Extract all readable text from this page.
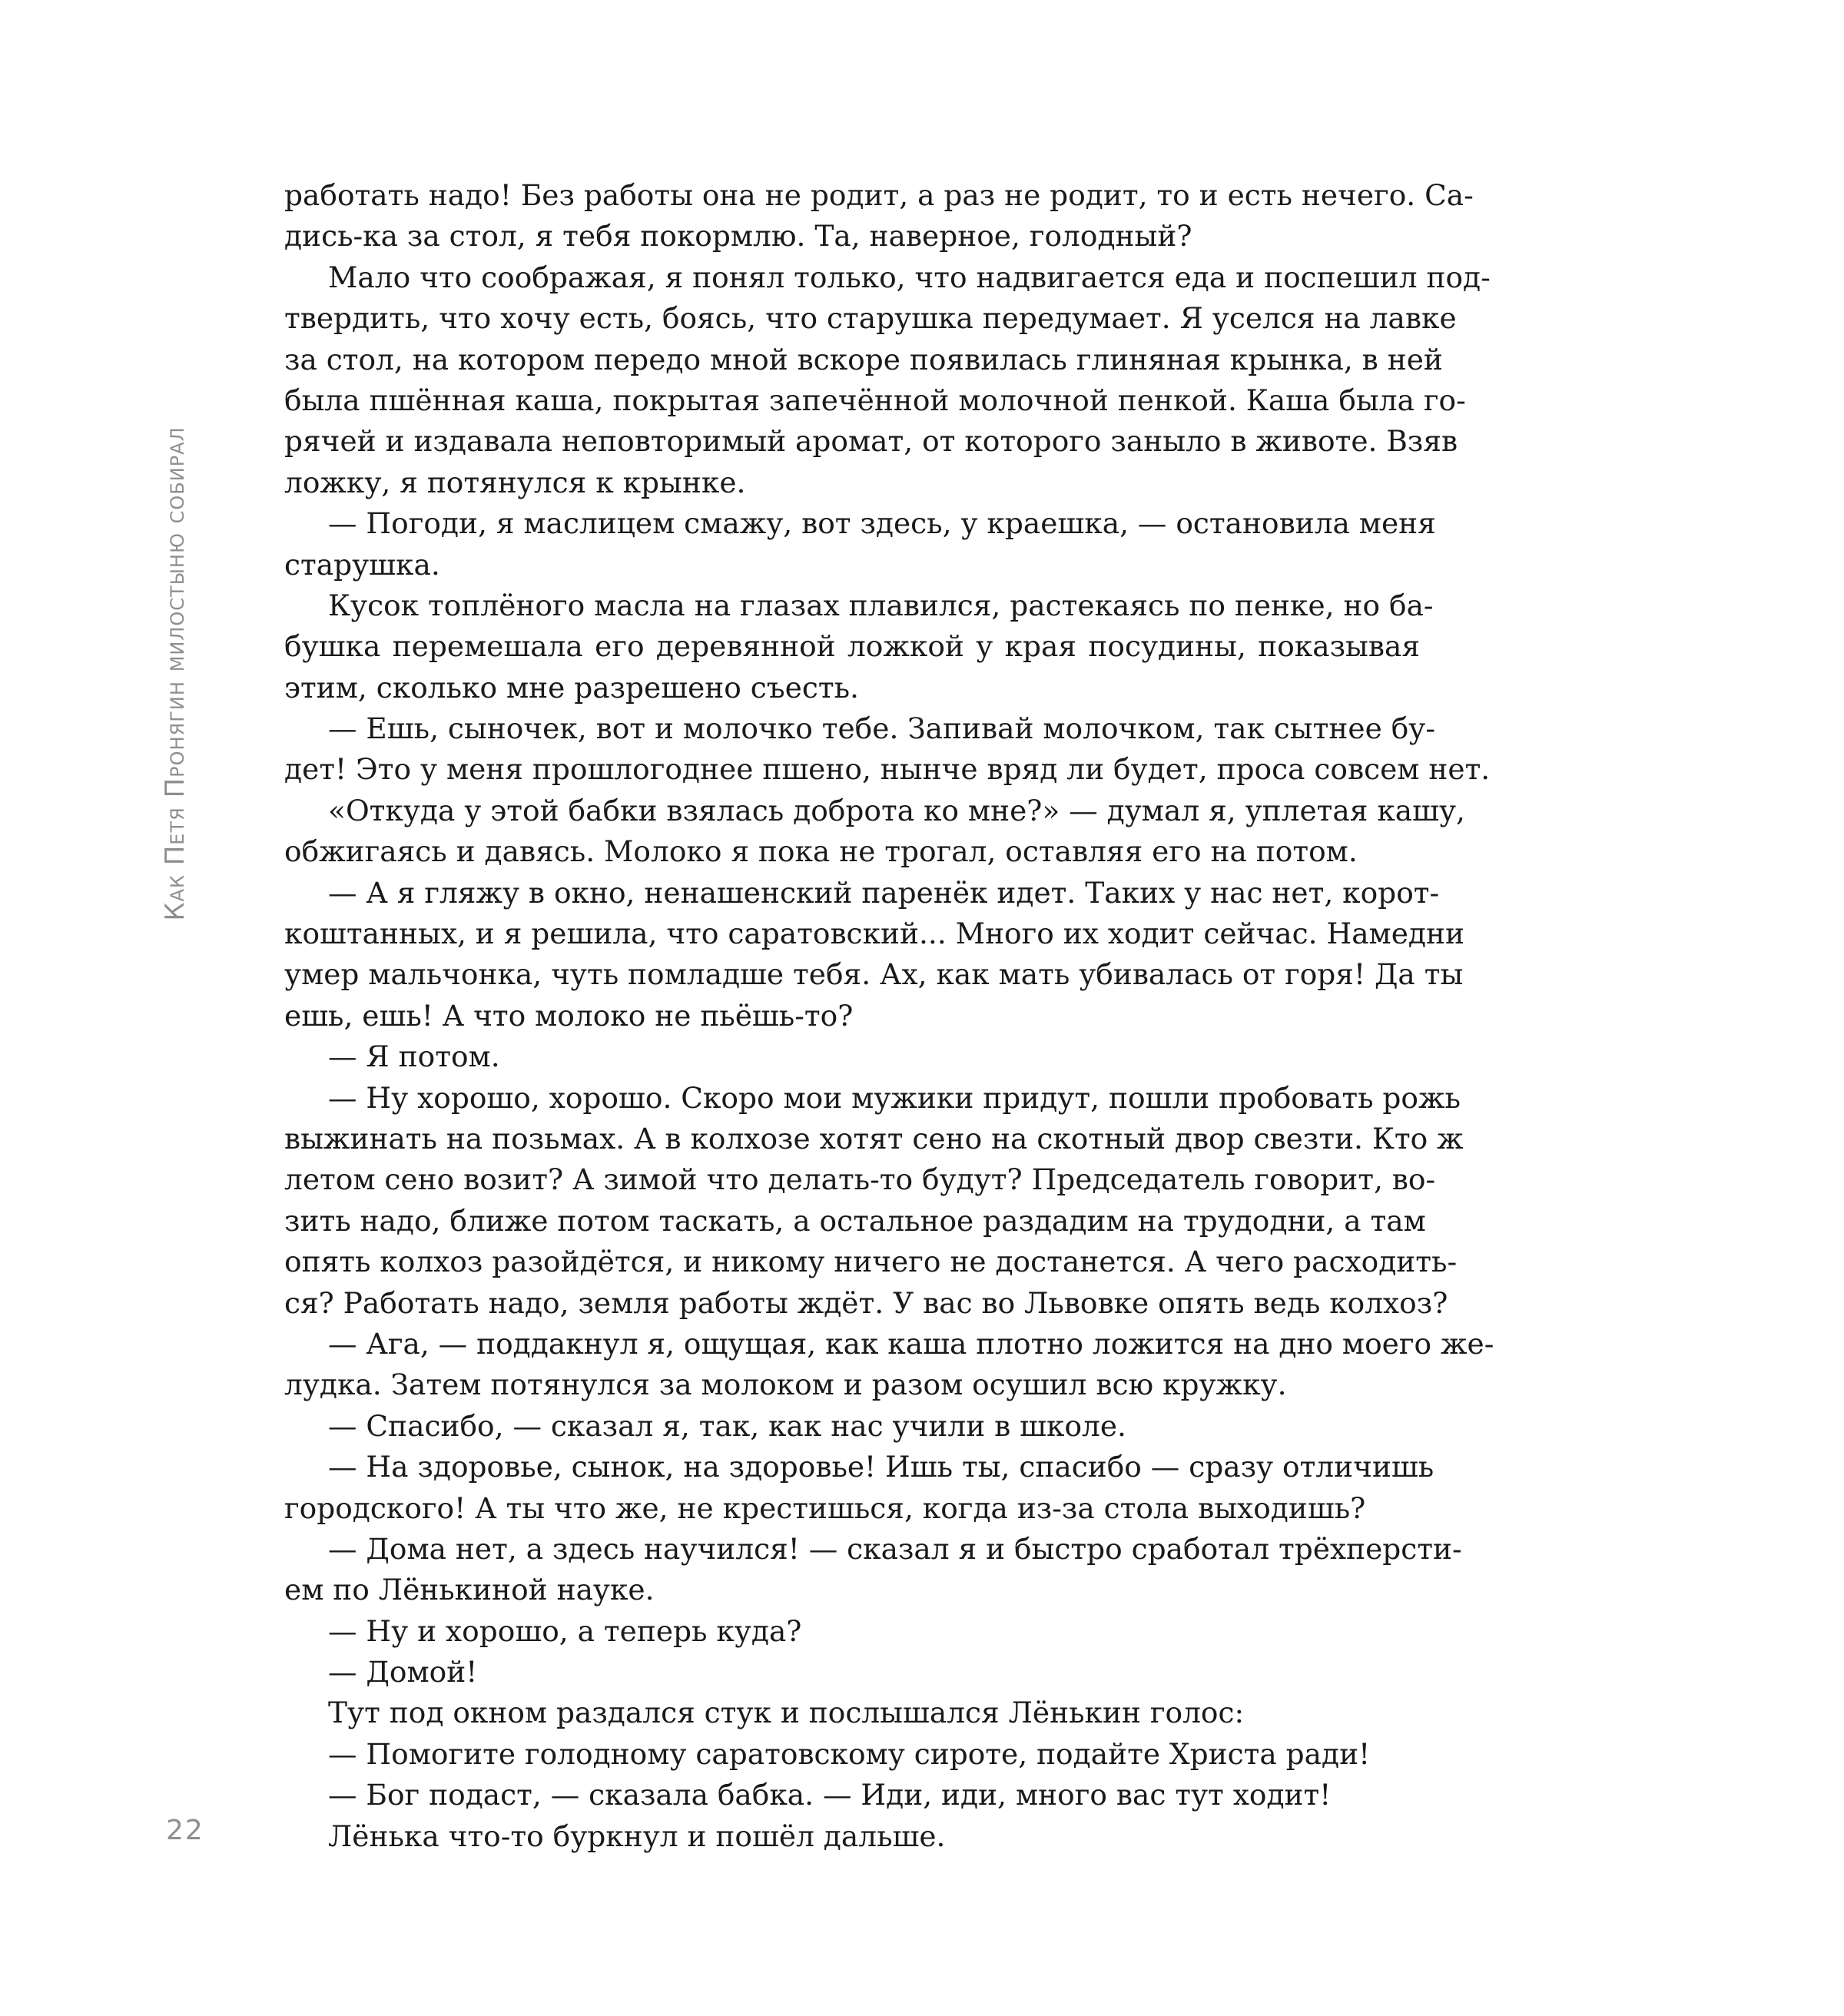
Как Петя Пронягин милостыню собирал
22
работать надо! Без работы она не родит, а раз не родит, то и есть нечего. Са-
дись-ка за стол, я тебя покормлю. Та, наверное, голодный?
Мало что соображая, я понял только, что надвигается еда и поспешил под-
твердить, что хочу есть, боясь, что старушка передумает. Я уселся на лавке
за стол, на котором передо мной вскоре появилась глиняная крынка, в ней
была пшённая каша, покрытая запечённой молочной пенкой. Каша была го-
рячей и издавала неповторимый аромат, от которого заныло в животе. Взяв
ложку, я потянулся к крынке.
— Погоди, я маслицем смажу, вот здесь, у краешка, — остановила меня
старушка.
Кусок топлёного масла на глазах плавился, растекаясь по пенке, но ба-
бушка перемешала его деревянной ложкой у края посудины, показывая
этим, сколько мне разрешено съесть.
— Ешь, сыночек, вот и молочко тебе. Запивай молочком, так сытнее бу-
дет! Это у меня прошлогоднее пшено, нынче вряд ли будет, проса совсем нет.
«Откуда у этой бабки взялась доброта ко мне?» — думал я, уплетая кашу,
обжигаясь и давясь. Молоко я пока не трогал, оставляя его на потом.
— А я гляжу в окно, ненашенский паренёк идет. Таких у нас нет, корот-
коштанных, и я решила, что саратовский... Много их ходит сейчас. Намедни
умер мальчонка, чуть помладше тебя. Ах, как мать убивалась от горя! Да ты
ешь, ешь! А что молоко не пьёшь-то?
— Я потом.
— Ну хорошо, хорошо. Скоро мои мужики придут, пошли пробовать рожь
выжинать на позьмах. А в колхозе хотят сено на скотный двор свезти. Кто ж
летом сено возит? А зимой что делать-то будут? Председатель говорит, во-
зить надо, ближе потом таскать, а остальное раздадим на трудодни, а там
опять колхоз разойдётся, и никому ничего не достанется. А чего расходить-
ся? Работать надо, земля работы ждёт. У вас во Львовке опять ведь колхоз?
— Ага, — поддакнул я, ощущая, как каша плотно ложится на дно моего же-
лудка. Затем потянулся за молоком и разом осушил всю кружку.
— Спасибо, — сказал я, так, как нас учили в школе.
— На здоровье, сынок, на здоровье! Ишь ты, спасибо — сразу отличишь
городского! А ты что же, не крестишься, когда из-за стола выходишь?
— Дома нет, а здесь научился! — сказал я и быстро сработал трёхперсти-
ем по Лёнькиной науке.
— Ну и хорошо, а теперь куда?
— Домой!
Тут под окном раздался стук и послышался Лёнькин голос:
— Помогите голодному саратовскому сироте, подайте Христа ради!
— Бог подаст, — сказала бабка. — Иди, иди, много вас тут ходит!
Лёнька что-то буркнул и пошёл дальше.
